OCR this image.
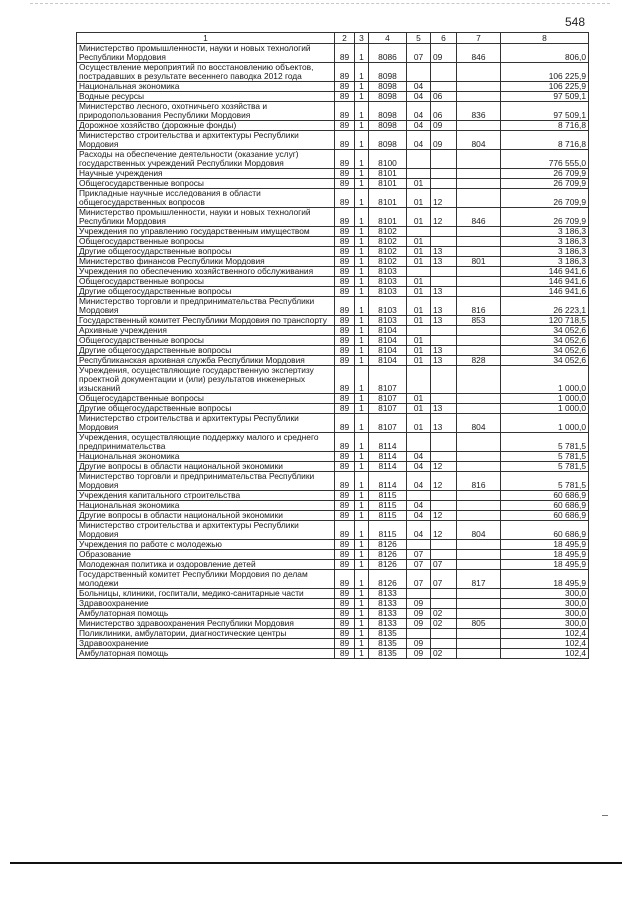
548
1	2	3	4	5	6	7	8
Министерство промышленности, науки и новых технологий Республики Мордовия	89	1	8086	07	09	846	806,0
Осуществление мероприятий по восстановлению объектов, пострадавших в результате весеннего паводка 2012 года	89	1	8098				106 225,9
Национальная экономика	89	1	8098	04			106 225,9
Водные ресурсы	89	1	8098	04	06		97 509,1
Министерство лесного, охотничьего хозяйства и природопользования Республики Мордовия	89	1	8098	04	06	836	97 509,1
Дорожное хозяйство (дорожные фонды)	89	1	8098	04	09		8 716,8
Министерство строительства и архитектуры Республики Мордовия	89	1	8098	04	09	804	8 716,8
Расходы на обеспечение деятельности (оказание услуг) государственных учреждений Республики Мордовия	89	1	8100				776 555,0
Научные учреждения	89	1	8101				26 709,9
Общегосударственные вопросы	89	1	8101	01			26 709,9
Прикладные научные исследования в области общегосударственных вопросов	89	1	8101	01	12		26 709,9
Министерство промышленности, науки и новых технологий Республики Мордовия	89	1	8101	01	12	846	26 709,9
Учреждения по управлению государственным имуществом	89	1	8102				3 186,3
Общегосударственные вопросы	89	1	8102	01			3 186,3
Другие общегосударственные вопросы	89	1	8102	01	13		3 186,3
Министерство финансов Республики Мордовия	89	1	8102	01	13	801	3 186,3
Учреждения по обеспечению хозяйственного обслуживания	89	1	8103				146 941,6
Общегосударственные вопросы	89	1	8103	01			146 941,6
Другие общегосударственные вопросы	89	1	8103	01	13		146 941,6
Министерство торговли и предпринимательства Республики Мордовия	89	1	8103	01	13	816	26 223,1
Государственный комитет Республики Мордовия по транспорту	89	1	8103	01	13	853	120 718,5
Архивные учреждения	89	1	8104				34 052,6
Общегосударственные вопросы	89	1	8104	01			34 052,6
Другие общегосударственные вопросы	89	1	8104	01	13		34 052,6
Республиканская архивная служба Республики Мордовия	89	1	8104	01	13	828	34 052,6
Учреждения, осуществляющие государственную экспертизу проектной документации и (или) результатов инженерных изысканий	89	1	8107				1 000,0
Общегосударственные вопросы	89	1	8107	01			1 000,0
Другие общегосударственные вопросы	89	1	8107	01	13		1 000,0
Министерство строительства и архитектуры Республики Мордовия	89	1	8107	01	13	804	1 000,0
Учреждения, осуществляющие поддержку малого и среднего предпринимательства	89	1	8114				5 781,5
Национальная экономика	89	1	8114	04			5 781,5
Другие вопросы в области национальной экономики	89	1	8114	04	12		5 781,5
Министерство торговли и предпринимательства Республики Мордовия	89	1	8114	04	12	816	5 781,5
Учреждения капитального строительства	89	1	8115				60 686,9
Национальная экономика	89	1	8115	04			60 686,9
Другие вопросы в области национальной экономики	89	1	8115	04	12		60 686,9
Министерство строительства и архитектуры Республики Мордовия	89	1	8115	04	12	804	60 686,9
Учреждения по работе с молодежью	89	1	8126				18 495,9
Образование	89	1	8126	07			18 495,9
Молодежная политика и оздоровление детей	89	1	8126	07	07		18 495,9
Государственный комитет Республики Мордовия по делам молодежи	89	1	8126	07	07	817	18 495,9
Больницы, клиники, госпитали, медико-санитарные части	89	1	8133				300,0
Здравоохранение	89	1	8133	09			300,0
Амбулаторная помощь	89	1	8133	09	02		300,0
Министерство здравоохранения Республики Мордовия	89	1	8133	09	02	805	300,0
Поликлиники, амбулатории, диагностические центры	89	1	8135				102,4
Здравоохранение	89	1	8135	09			102,4
Амбулаторная помощь	89	1	8135	09	02		102,4
